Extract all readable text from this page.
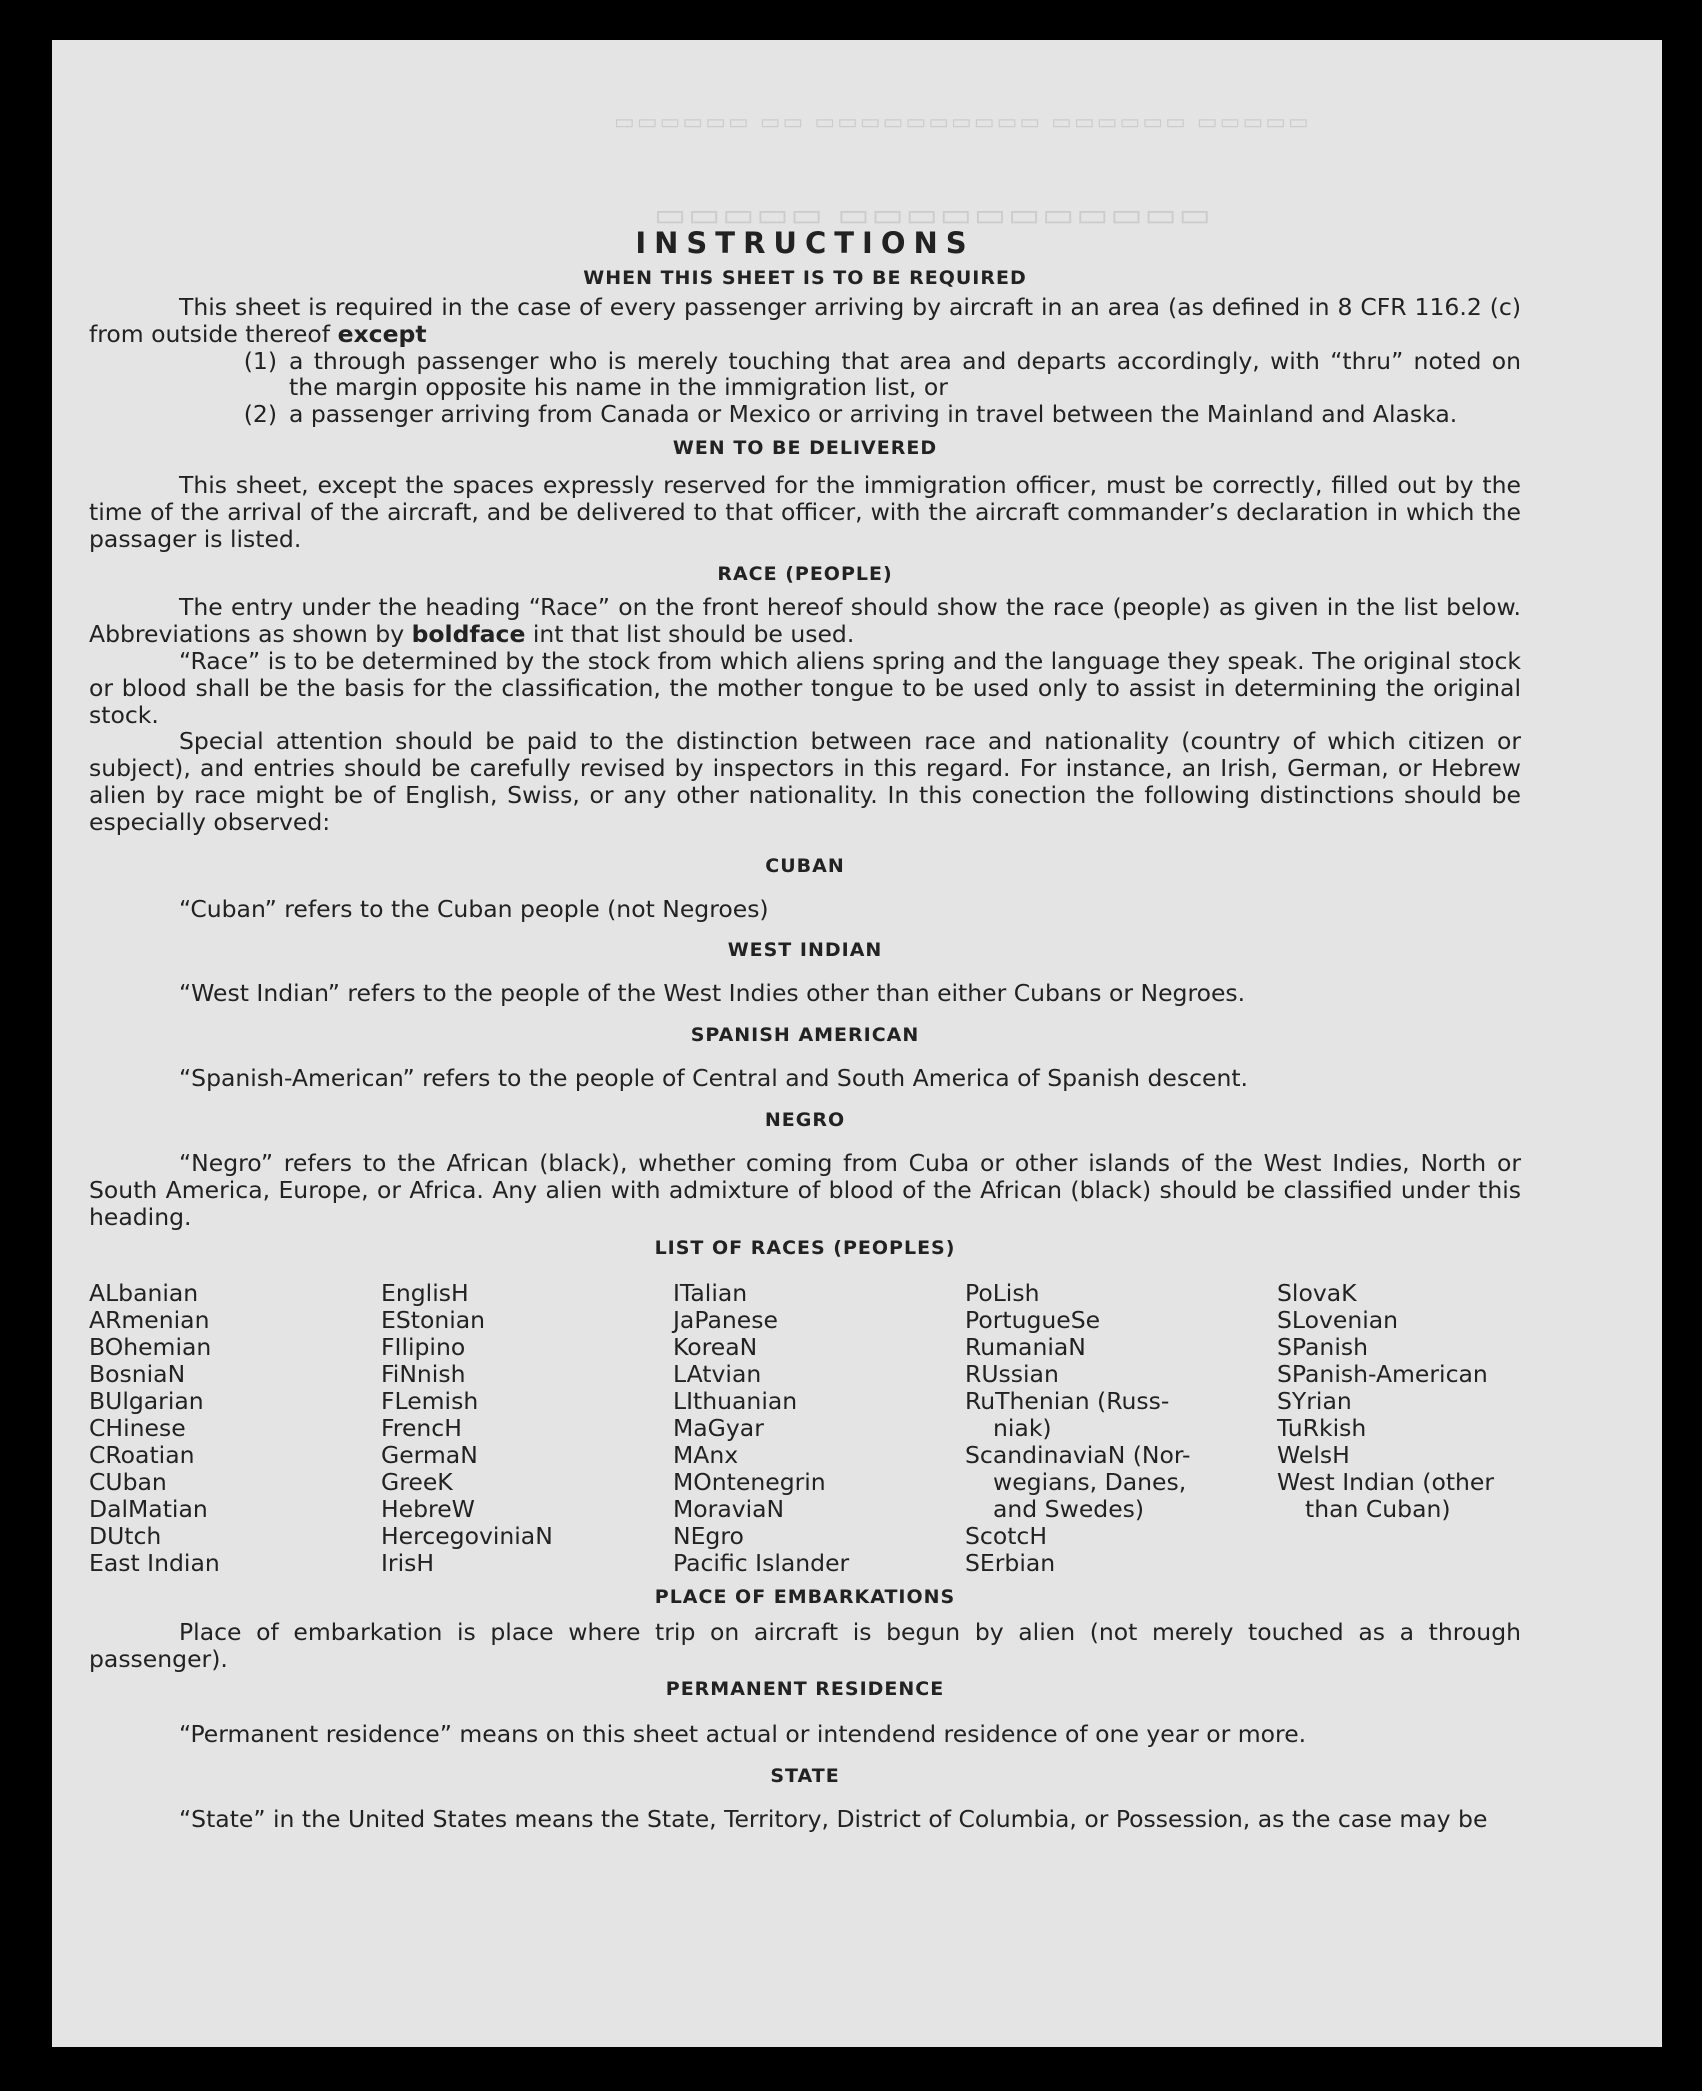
▭▭▭▭▭ ▭▭▭▭▭▭ ▭▭▭▭▭▭▭▭▭▭ ▭▭ ▭▭▭▭▭▭
▭▭▭▭▭▭▭▭▭▭▭ ▭▭▭▭▭
INSTRUCTIONS
WHEN THIS SHEET IS TO BE REQUIRED

This sheet is required in the case of every passenger arriving by aircraft in an area (as defined in 8 CFR 116.2 (c) from outside thereof except

(1) a through passenger who is merely touching that area and departs accordingly, with “thru” noted on the margin opposite his name in the immigration list, or
(2) a passenger arriving from Canada or Mexico or arriving in travel between the Mainland and Alaska.
WEN TO BE DELIVERED

This sheet, except the spaces expressly reserved for the immigration officer, must be correctly, filled out by the time of the arrival of the aircraft, and be delivered to that officer, with the aircraft commander’s declaration in which the passager is listed.

RACE (PEOPLE)

The entry under the heading “Race” on the front hereof should show the race (people) as given in the list below. Abbreviations as shown by boldface int that list should be used.

“Race” is to be determined by the stock from which aliens spring and the language they speak. The original stock or blood shall be the basis for the classification, the mother tongue to be used only to assist in determining the original stock.

Special attention should be paid to the distinction between race and nationality (country of which citizen or subject), and entries should be carefully revised by inspectors in this regard. For instance, an Irish, German, or Hebrew alien by race might be of English, Swiss, or any other nationality. In this conection the following distinctions should be especially observed:

CUBAN

“Cuban” refers to the Cuban people (not Negroes)

WEST INDIAN

“West Indian” refers to the people of the West Indies other than either Cubans or Negroes.

SPANISH AMERICAN

“Spanish-American” refers to the people of Central and South America of Spanish descent.

NEGRO

“Negro” refers to the African (black), whether coming from Cuba or other islands of the West Indies, North or South America, Europe, or Africa. Any alien with admixture of blood of the African (black) should be classified under this heading.

LIST OF RACES (PEOPLES)
ALbanian
ARmenian
BOhemian
BosniaN
BUlgarian
CHinese
CRoatian
CUban
DalMatian
DUtch
East Indian
EnglisH
EStonian
FIlipino
FiNnish
FLemish
FrencH
GermaN
GreeK
HebreW
HercegoviniaN
IrisH
ITalian
JaPanese
KoreaN
LAtvian
LIthuanian
MaGyar
MAnx
MOntenegrin
MoraviaN
NEgro
Pacific Islander
PoLish
PortugueSe
RumaniaN
RUssian
RuThenian (Russ-
niak)
ScandinaviaN (Nor-
wegians, Danes,
and Swedes)
ScotcH
SErbian
SlovaK
SLovenian
SPanish
SPanish-American
SYrian
TuRkish
WelsH
West Indian (other
than Cuban)
PLACE OF EMBARKATIONS

Place of embarkation is place where trip on aircraft is begun by alien (not merely touched as a through passenger).

PERMANENT RESIDENCE

“Permanent residence” means on this sheet actual or intendend residence of one year or more.

STATE

“State” in the United States means the State, Territory, District of Columbia, or Possession, as the case may be
